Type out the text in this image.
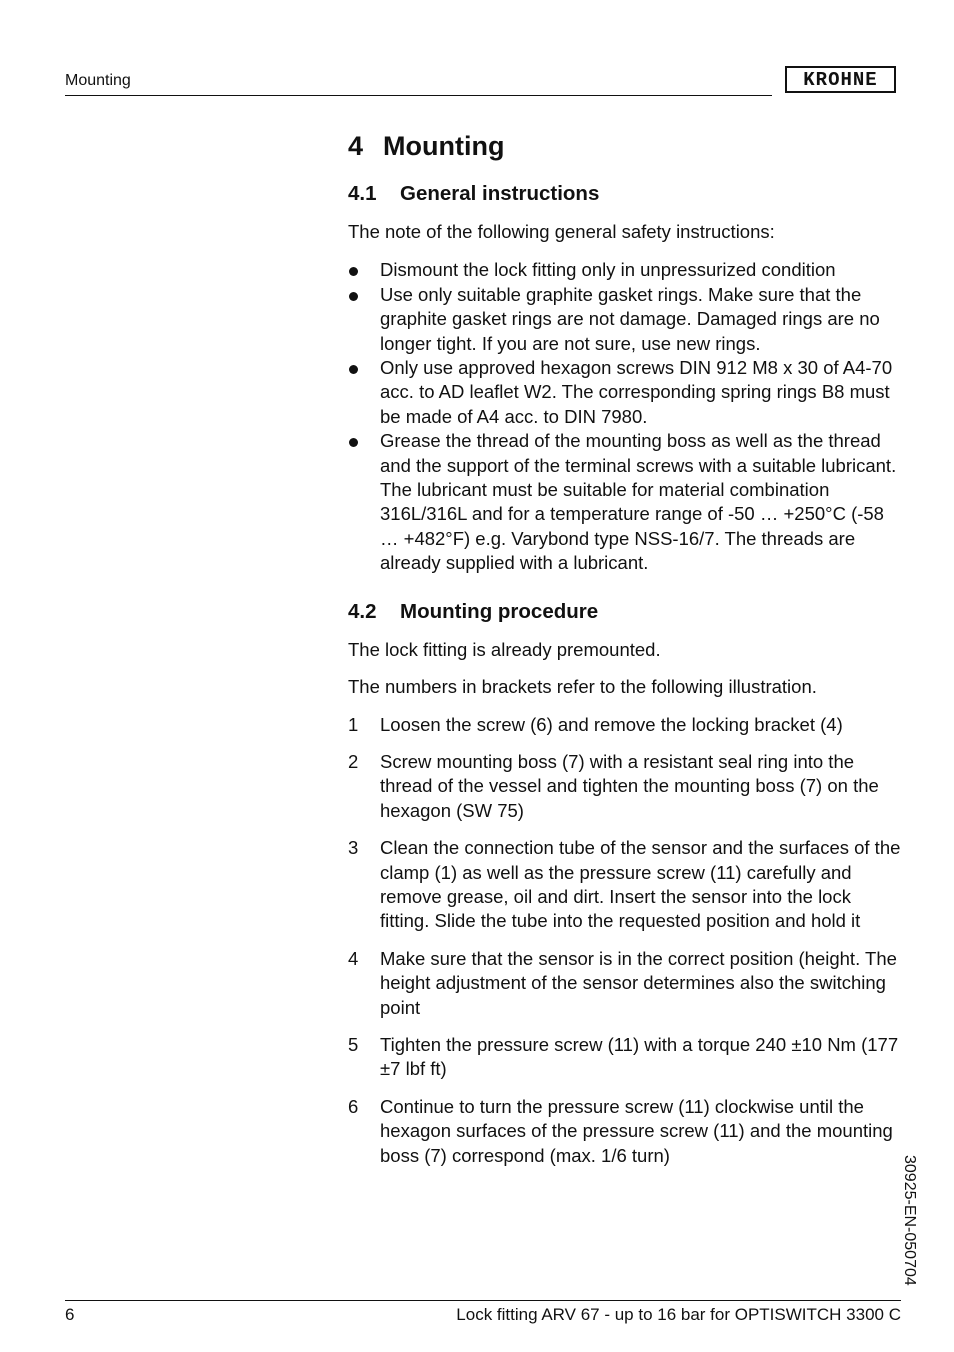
Mounting	KROHNE
4 Mounting
4.1 General instructions

The note of the following general safety instructions:

Dismount the lock fitting only in unpressurized condition
Use only suitable graphite gasket rings. Make sure that the graphite gasket rings are not damage. Damaged rings are no longer tight. If you are not sure, use new rings.
Only use approved hexagon screws DIN 912 M8 x 30 of A4-70 acc. to AD leaflet W2. The corresponding spring rings B8 must be made of A4 acc. to DIN 7980.
Grease the thread of the mounting boss as well as the thread and the support of the terminal screws with a suitable lubricant. The lubricant must be suitable for material combination 316L/316L and for a temperature range of -50 … +250°C (-58 … +482°F) e.g. Varybond type NSS-16/7. The threads are already supplied with a lubricant.
4.2 Mounting procedure

The lock fitting is already premounted.

The numbers in brackets refer to the following illustration.

1 Loosen the screw (6) and remove the locking bracket (4)
2 Screw mounting boss (7) with a resistant seal ring into the thread of the vessel and tighten the mounting boss (7) on the hexagon (SW 75)
3 Clean the connection tube of the sensor and the surfaces of the clamp (1) as well as the pressure screw (11) carefully and remove grease, oil and dirt. Insert the sensor into the lock fitting. Slide the tube into the requested position and hold it
4 Make sure that the sensor is in the correct position (height. The height adjustment of the sensor determines also the switching point
5 Tighten the pressure screw (11) with a torque 240 ±10 Nm (177 ±7 lbf ft)
6 Continue to turn the pressure screw (11) clockwise until the hexagon surfaces of the pressure screw (11) and the mounting boss (7) correspond (max. 1/6 turn)	30925-EN-050704
6	Lock fitting ARV 67 - up to 16 bar for OPTISWITCH 3300 C
